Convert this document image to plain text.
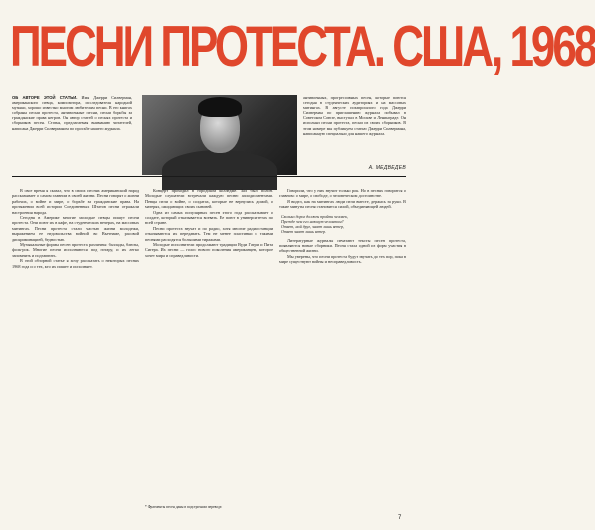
ПЕСНИ ПРОТЕСТА. США, 1968
ОБ АВТОРЕ ЭТОЙ СТАТЬИ. Имя Джерри Силверман, американского певца, композитора, исследователя народной музыки, хорошо известно многим любителям песни. В его книгах собраны песни протеста, антивоенные песни, песни борьбы за гражданские права негров. Он автор статей о песнях протеста и сборников песен. Статья, предлагаемая вниманию читателей, написана Джерри Силверманом по просьбе нашего журнала.
антивоенных, прогрессивных песен, которые поются сегодня в студенческих аудиториях и на массовых митингах. В августе позапрошлого года Джерри Силверман по приглашению журнала побывал в Советском Союзе, выступал в Москве и Ленинграде. Он исполнял песни протеста, песни из своих сборников. В этом номере мы публикуем статью Джерри Силвермана, написанную специально для нашего журнала.
А. МЕДВЕДЕВ

В свое время я сказал, что в своих песнях американский народ рассказывает о самом главном в своей жизни. Песни говорят о жизни рабочих, о войне и мире, о борьбе за гражданские права. На протяжении всей истории Соединенных Штатов песни отражали настроения народа.

Сегодня в Америке многие молодые певцы пишут песни протеста. Они поют их в кафе, на студенческих вечерах, на массовых митингах. Песни протеста стали частью жизни молодежи, выражением ее недовольства войной во Вьетнаме, расовой дискриминацией, бедностью.

Музыкальные формы песен протеста различны: баллады, блюзы, фолк-рок. Многие песни исполняются под гитару, и их легко запомнить и подхватить.

В этой обзорной статье я хочу рассказать о некоторых песнях 1968 года и о тех, кто их пишет и исполняет.

Концерт проходил в городском колледже. Зал был полон. Молодые слушатели встречали каждую песню аплодисментами. Певцы пели о войне, о солдатах, которые не вернулись домой, о матерях, ожидающих своих сыновей.

Одна из самых популярных песен этого года рассказывает о солдате, который отказывается воевать. Ее поют в университетах по всей стране.

Песни протеста звучат и по радио, хотя многие радиостанции отказываются их передавать. Тем не менее пластинки с такими песнями расходятся большими тиражами.

Молодые исполнители продолжают традиции Вуди Гатри и Пита Сигера. Их песни — голос нового поколения американцев, которое хочет мира и справедливости.

Говорили, что у них звучит только рок. Но в песнях говорится о главном: о мире, о свободе, о человеческом достоинстве.

Я видел, как на митингах люди пели вместе, держась за руки. В такие минуты песня становится силой, объединяющей людей.

Сколько дорог должен пройти человек,
Прежде чем его назовут человеком?
Ответ, мой друг, знает лишь ветер,
Ответ знает лишь ветер.

Литературные журналы печатают тексты песен протеста, появляются новые сборники. Песня стала одной из форм участия в общественной жизни.

Мы уверены, что песни протеста будут звучать до тех пор, пока в мире существуют войны и несправедливость.

* Фрагменты песен даны в подстрочном переводе.
7
